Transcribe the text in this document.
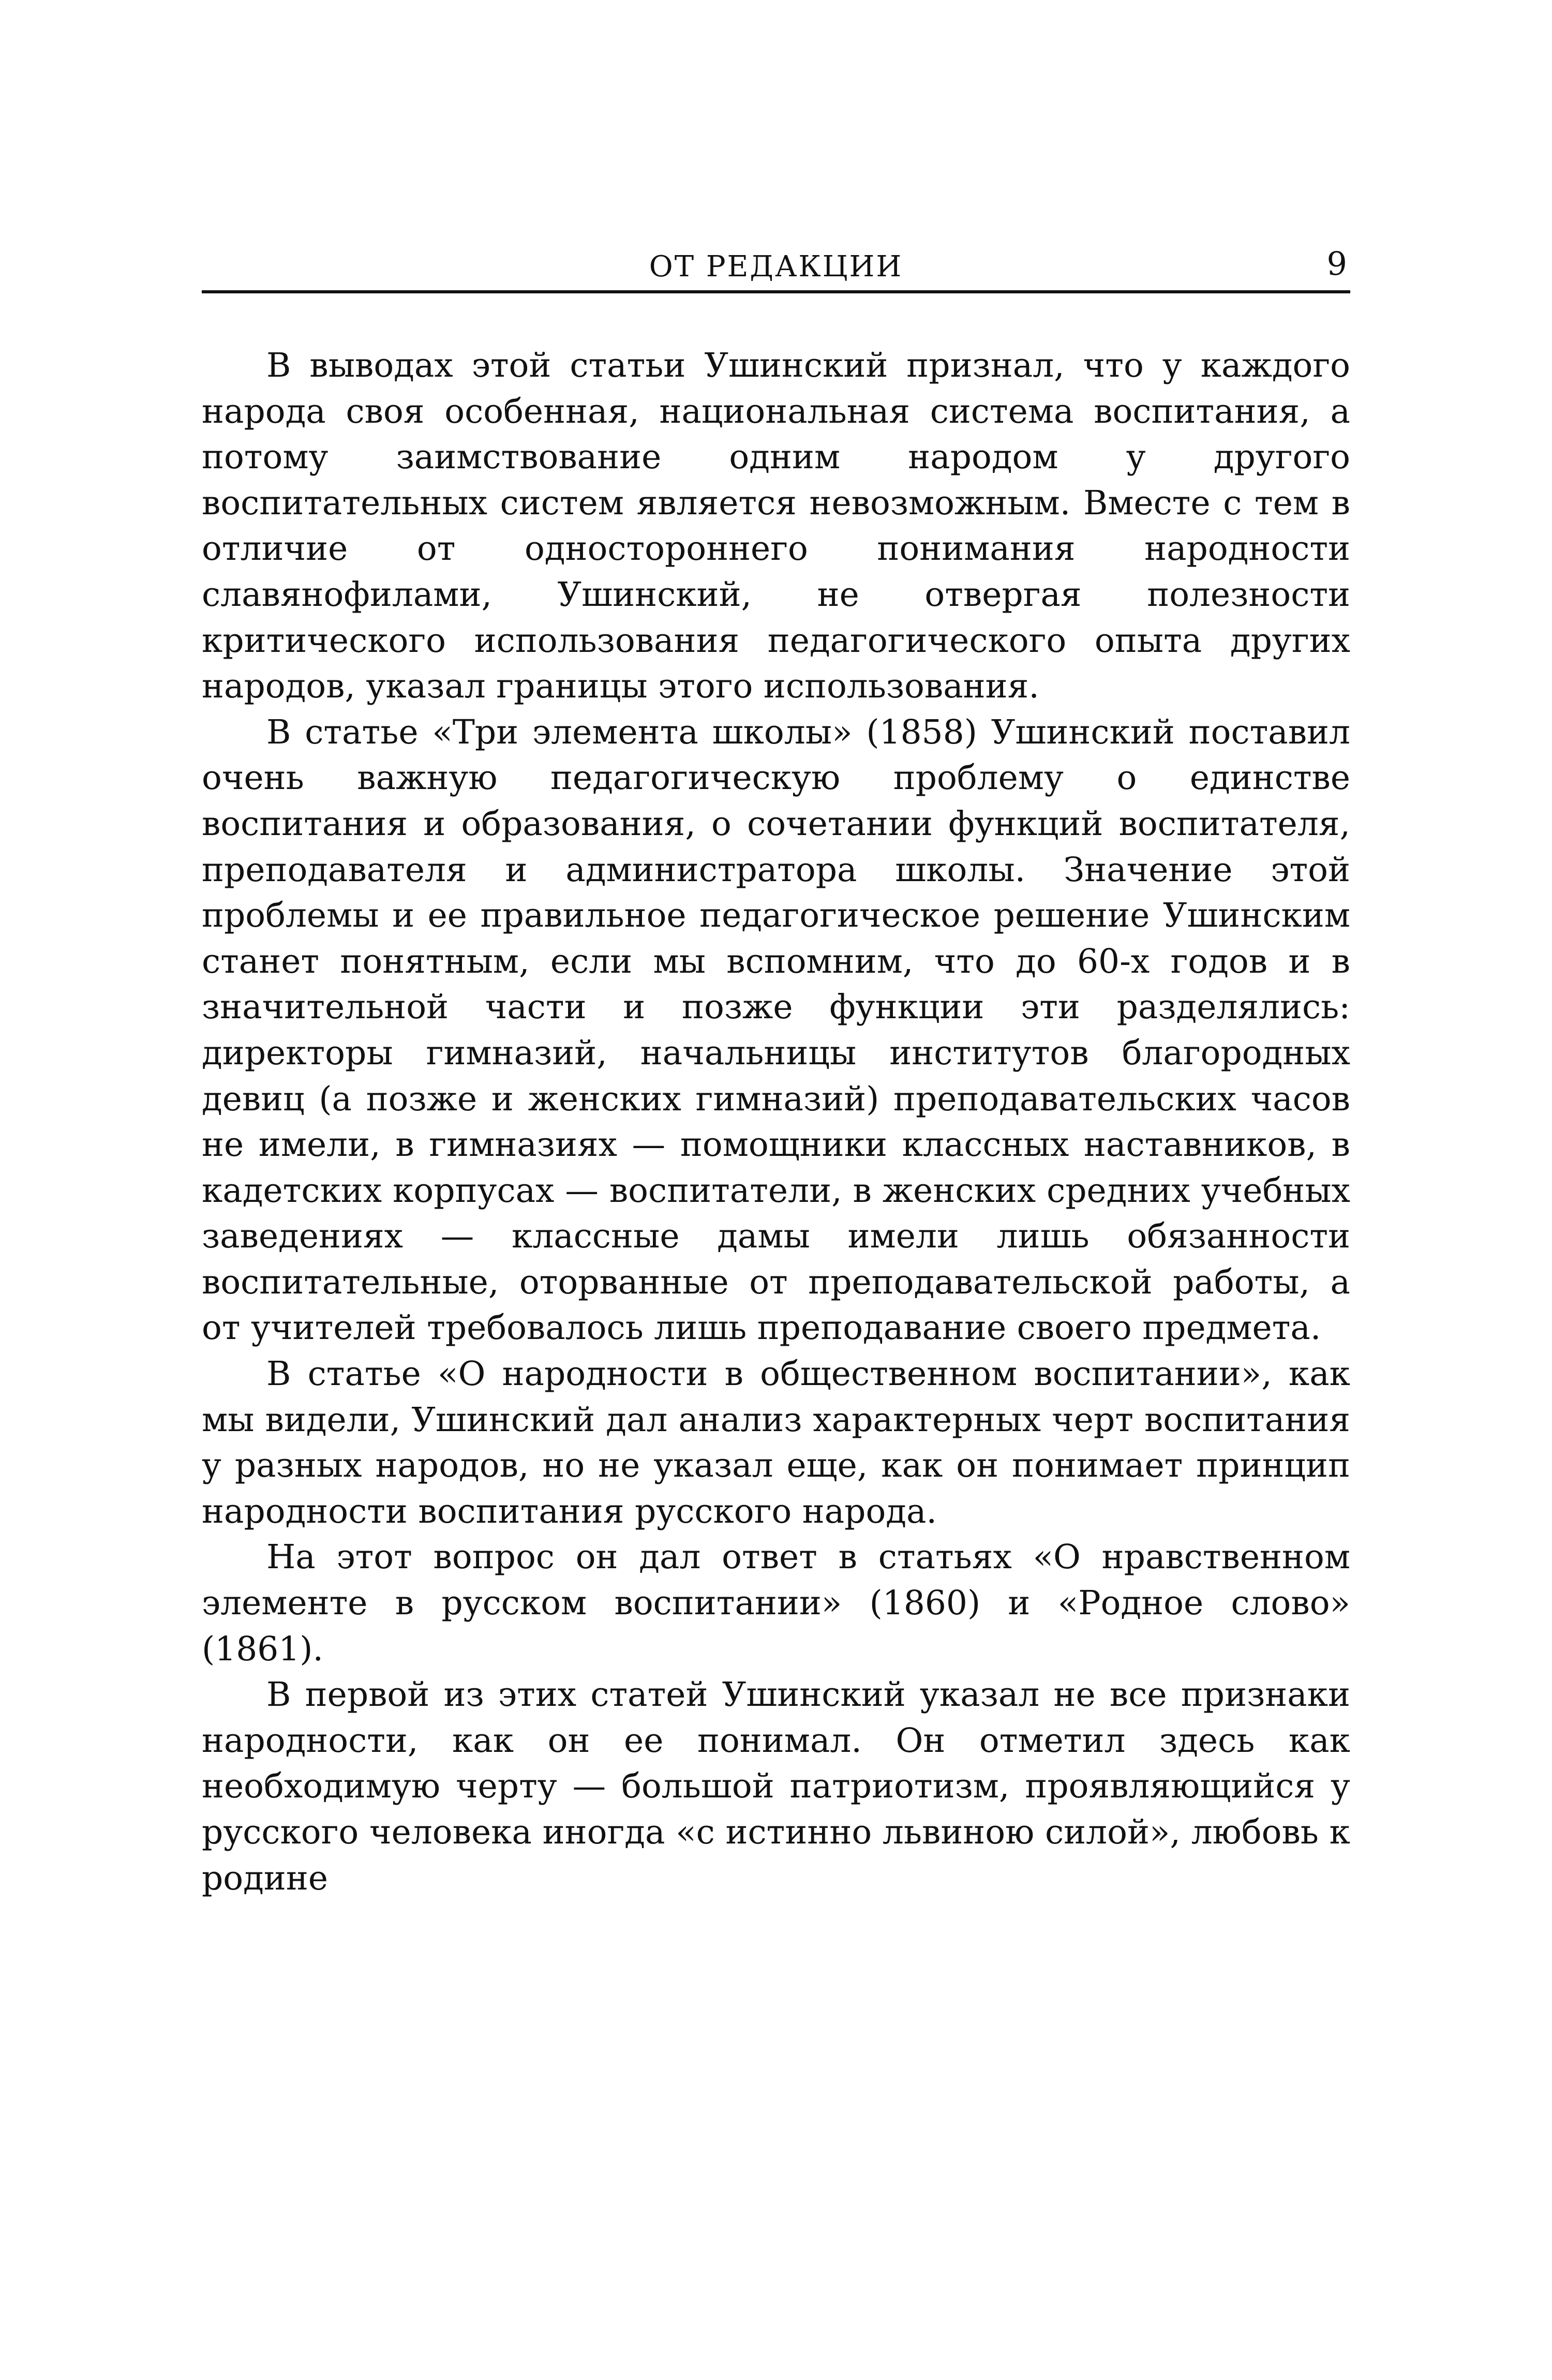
ОТ РЕДАКЦИИ	9

В выводах этой статьи Ушинский признал, что у каждого народа своя особенная, национальная система воспитания, а потому заимствование одним народом у другого воспитательных систем является невозможным. Вместе с тем в отличие от одностороннего понимания народности славянофилами, Ушинский, не отвергая полезности критического использования педагогического опыта других народов, указал границы этого использования.

В статье «Три элемента школы» (1858) Ушинский поставил очень важную педагогическую проблему о единстве воспитания и образования, о сочетании функций воспитателя, преподавателя и администратора школы. Значение этой проблемы и ее правильное педагогическое решение Ушинским станет понятным, если мы вспомним, что до 60-х годов и в значительной части и позже функции эти разделялись: директоры гимназий, начальницы институтов благородных девиц (а позже и женских гимназий) преподавательских часов не имели, в гимназиях — помощники классных наставников, в кадетских корпусах — воспитатели, в женских средних учебных заведениях — классные дамы имели лишь обязанности воспитательные, оторванные от преподавательской работы, а от учителей требовалось лишь преподавание своего предмета.

В статье «О народности в общественном воспитании», как мы видели, Ушинский дал анализ характерных черт воспитания у разных народов, но не указал еще, как он понимает принцип народности воспитания русского народа.

На этот вопрос он дал ответ в статьях «О нравственном элементе в русском воспитании» (1860) и «Родное слово» (1861).

В первой из этих статей Ушинский указал не все признаки народности, как он ее понимал. Он отметил здесь как необходимую черту — большой патриотизм, проявляющийся у русского человека иногда «с истинно львиною силой», любовь к родине
